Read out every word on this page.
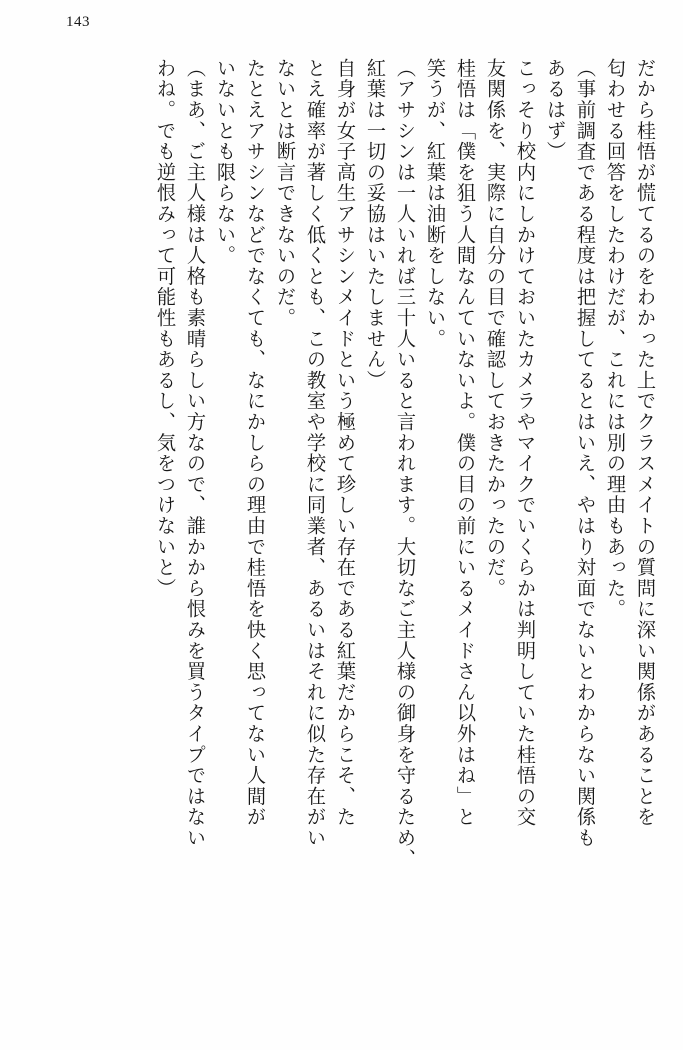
143
だから桂悟が慌てるのをわかった上でクラスメイトの質問に深い関係があることを
匂わせる回答をしたわけだが、これには別の理由もあった。
（事前調査である程度は把握してるとはいえ、やはり対面でないとわからない関係も
あるはず）
こっそり校内にしかけておいたカメラやマイクでいくらかは判明していた桂悟の交
友関係を、実際に自分の目で確認しておきたかったのだ。
桂悟は「僕を狙う人間なんていないよ。僕の目の前にいるメイドさん以外はね」と
笑うが、紅葉は油断をしない。
（アサシンは一人いれば三十人いると言われます。大切なご主人様の御身を守るため、
紅葉は一切の妥協はいたしません）
自身が女子高生アサシンメイドという極めて珍しい存在である紅葉だからこそ、た
とえ確率が著しく低くとも、この教室や学校に同業者、あるいはそれに似た存在がい
ないとは断言できないのだ。
たとえアサシンなどでなくても、なにかしらの理由で桂悟を快く思ってない人間が
いないとも限らない。
（まあ、ご主人様は人格も素晴らしい方なので、誰かから恨みを買うタイプではない
わね。でも逆恨みって可能性もあるし、気をつけないと）
